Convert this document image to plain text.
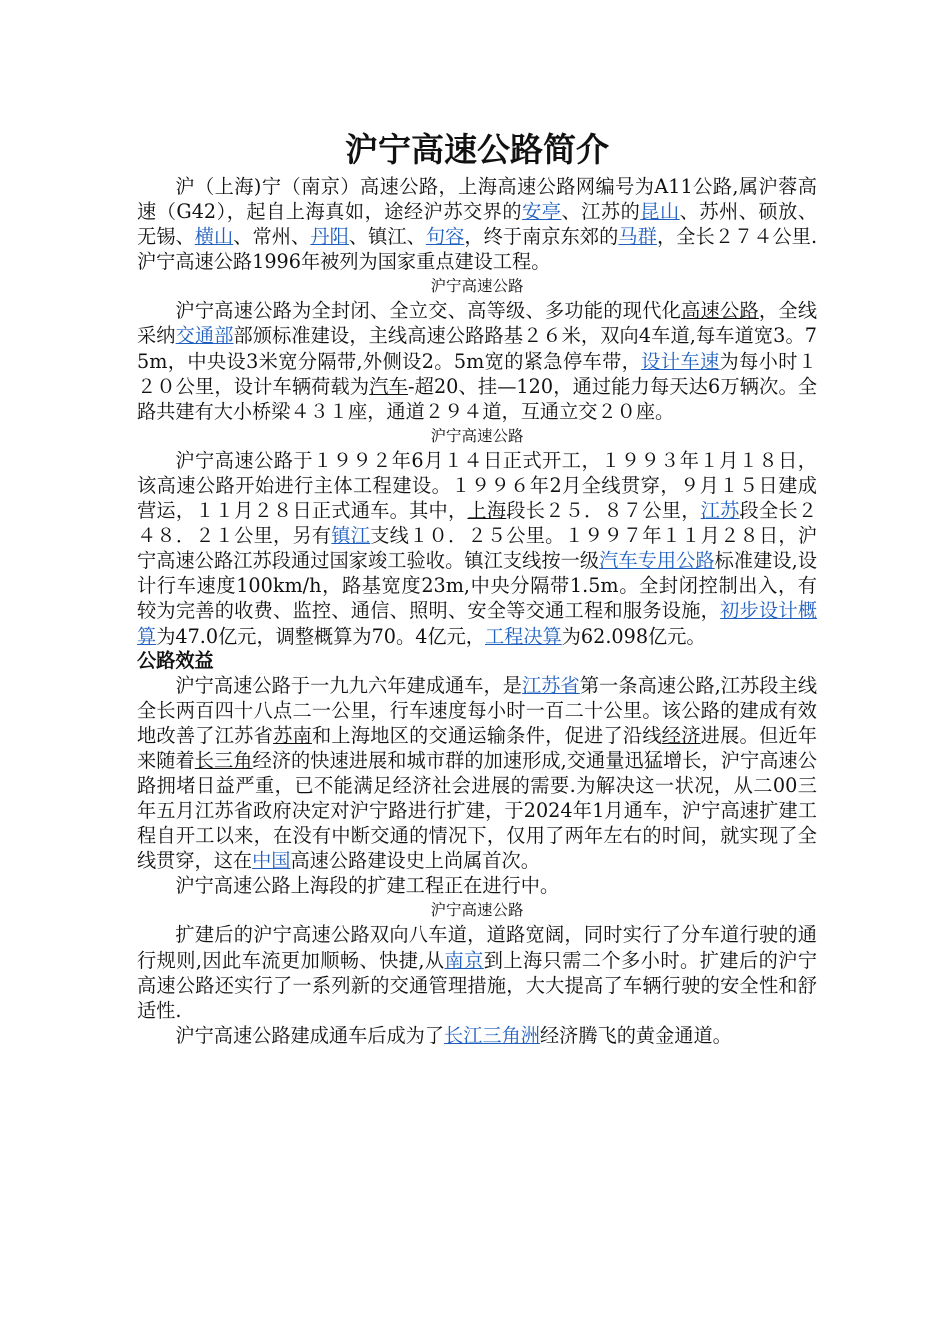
沪宁高速公路简介

沪（上海)宁（南京）高速公路，上海高速公路网编号为A11公路,属沪蓉高速（G42），起自上海真如，途经沪苏交界的安亭、江苏的昆山、苏州、硕放、无锡、横山、常州、丹阳、镇江、句容，终于南京东郊的马群，全长２７４公里.沪宁高速公路1996年被列为国家重点建设工程。

沪宁高速公路

沪宁高速公路为全封闭、全立交、高等级、多功能的现代化高速公路，全线采纳交通部部颁标准建设，主线高速公路路基２６米，双向4车道,每车道宽3。75m，中央设3米宽分隔带,外侧设2。5m宽的紧急停车带，设计车速为每小时１２０公里，设计车辆荷载为汽车-超20、挂—120，通过能力每天达6万辆次。全路共建有大小桥梁４３１座，通道２９４道，互通立交２０座。

沪宁高速公路

沪宁高速公路于１９９２年6月１４日正式开工，１９９３年１月１８日，该高速公路开始进行主体工程建设。１９９６年2月全线贯穿，９月１５日建成营运，１１月２８日正式通车。其中，上海段长２５．８７公里，江苏段全长２４８．２１公里，另有镇江支线１０．２５公里。１９９７年１１月２８日，沪宁高速公路江苏段通过国家竣工验收。镇江支线按一级汽车专用公路标准建设,设计行车速度100km/h，路基宽度23m,中央分隔带1.5m。全封闭控制出入，有较为完善的收费、监控、通信、照明、安全等交通工程和服务设施，初步设计概算为47.0亿元，调整概算为70。4亿元，工程决算为62.098亿元。

公路效益

沪宁高速公路于一九九六年建成通车，是江苏省第一条高速公路,江苏段主线全长两百四十八点二一公里，行车速度每小时一百二十公里。该公路的建成有效地改善了江苏省苏南和上海地区的交通运输条件，促进了沿线经济进展。但近年来随着长三角经济的快速进展和城市群的加速形成,交通量迅猛增长，沪宁高速公路拥堵日益严重，已不能满足经济社会进展的需要.为解决这一状况，从二00三年五月江苏省政府决定对沪宁路进行扩建，于2024年1月通车，沪宁高速扩建工程自开工以来，在没有中断交通的情况下，仅用了两年左右的时间，就实现了全线贯穿，这在中国高速公路建设史上尚属首次。

沪宁高速公路上海段的扩建工程正在进行中。

沪宁高速公路

扩建后的沪宁高速公路双向八车道，道路宽阔，同时实行了分车道行驶的通行规则,因此车流更加顺畅、快捷,从南京到上海只需二个多小时。扩建后的沪宁高速公路还实行了一系列新的交通管理措施，大大提高了车辆行驶的安全性和舒适性.

沪宁高速公路建成通车后成为了长江三角洲经济腾飞的黄金通道。
